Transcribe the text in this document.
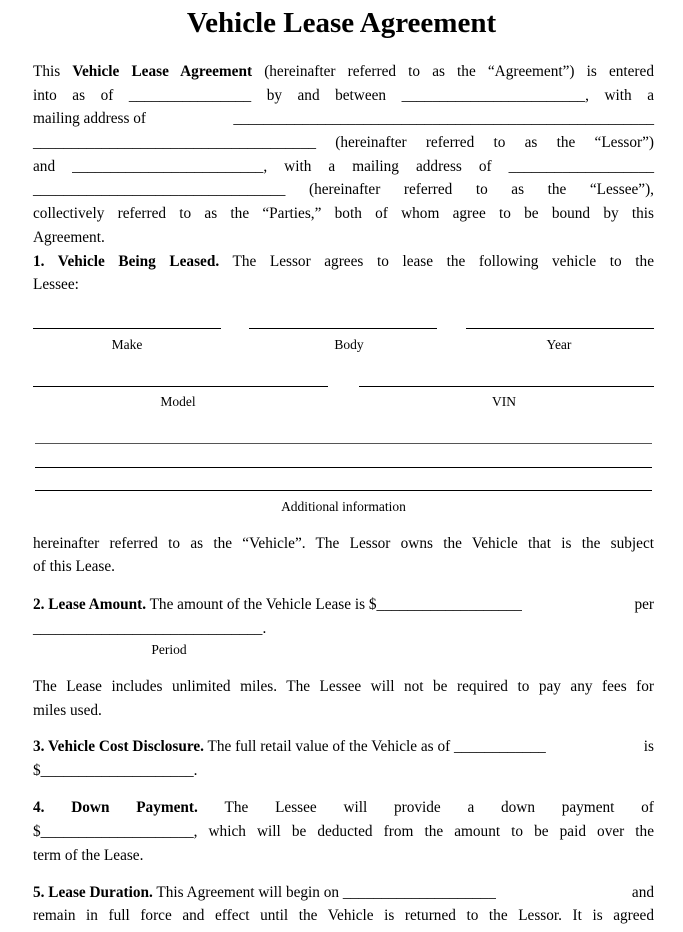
Vehicle Lease Agreement
This Vehicle Lease Agreement (hereinafter referred to as the “Agreement”) is entered
into as of ________________ by and between ________________________, with a
mailing address of	_______________________________________________________
_____________________________________ (hereinafter referred to as the “Lessor”)
and _________________________, with a mailing address of ___________________
_________________________________ (hereinafter referred to as the “Lessee”),
collectively referred to as the “Parties,” both of whom agree to be bound by this
Agreement.
1. Vehicle Being Leased. The Lessor agrees to lease the following vehicle to the
Lessee:
Make	Body	Year
Model	VIN
Additional information
hereinafter referred to as the “Vehicle”. The Lessor owns the Vehicle that is the subject
of this Lease.
2. Lease Amount. The amount of the Vehicle Lease is $___________________	per
______________________________.
Period
The Lease includes unlimited miles. The Lessee will not be required to pay any fees for
miles used.
3. Vehicle Cost Disclosure. The full retail value of the Vehicle as of ____________	is
$____________________.
4. Down Payment. The Lessee will provide a down payment of
$____________________, which will be deducted from the amount to be paid over the
term of the Lease.
5. Lease Duration. This Agreement will begin on ____________________	and
remain in full force and effect until the Vehicle is returned to the Lessor. It is agreed
